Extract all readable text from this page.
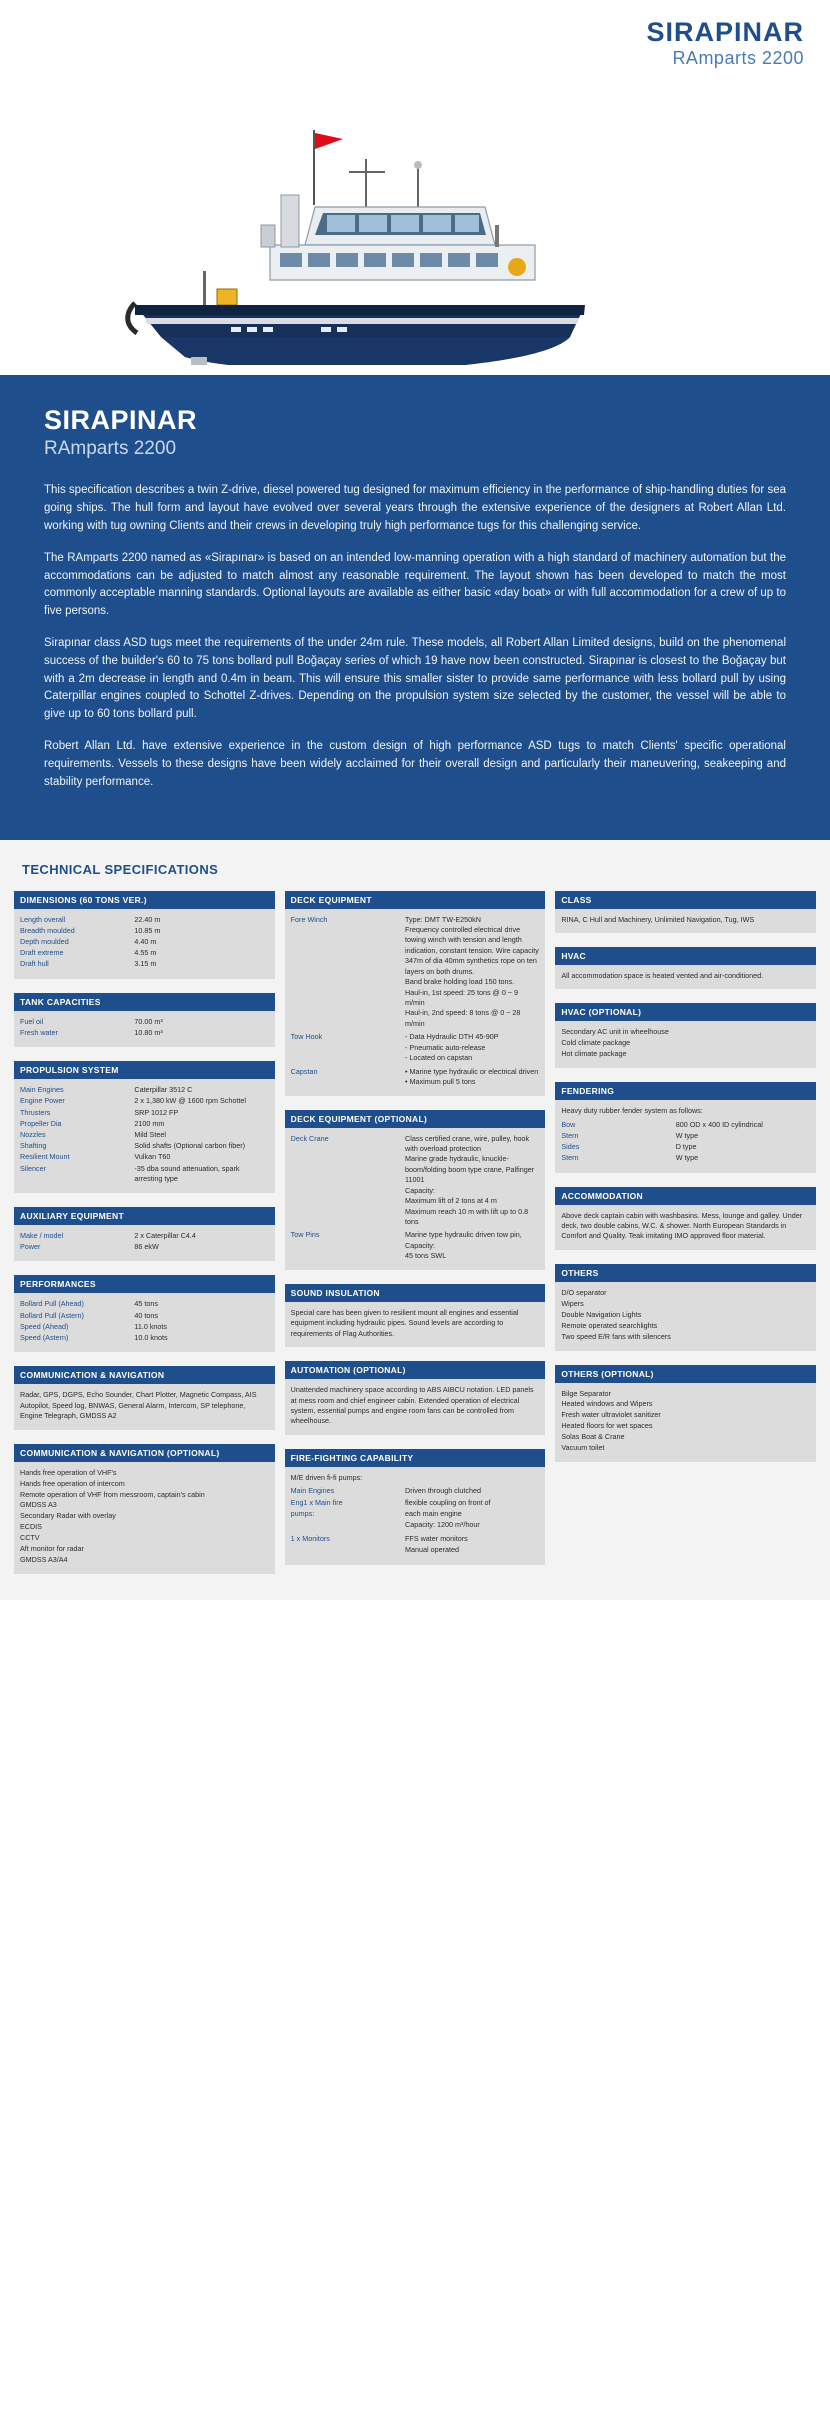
SIRAPINAR
RAmparts 2200
SIRAPINAR
RAmparts 2200

This specification describes a twin Z-drive, diesel powered tug designed for maximum efficiency in the performance of ship-handling duties for sea going ships. The hull form and layout have evolved over several years through the extensive experience of the designers at Robert Allan Ltd. working with tug owning Clients and their crews in developing truly high performance tugs for this challenging service.

The RAmparts 2200 named as «Sirapınar» is based on an intended low-manning operation with a high standard of machinery automation but the accommodations can be adjusted to match almost any reasonable requirement. The layout shown has been developed to match the most commonly acceptable manning standards. Optional layouts are available as either basic «day boat» or with full accommodation for a crew of up to five persons.

Sirapınar class ASD tugs meet the requirements of the under 24m rule. These models, all Robert Allan Limited designs, build on the phenomenal success of the builder's 60 to 75 tons bollard pull Boğaçay series of which 19 have now been constructed. Sirapınar is closest to the Boğaçay but with a 2m decrease in length and 0.4m in beam. This will ensure this smaller sister to provide same performance with less bollard pull by using Caterpillar engines coupled to Schottel Z-drives. Depending on the propulsion system size selected by the customer, the vessel will be able to give up to 60 tons bollard pull.

Robert Allan Ltd. have extensive experience in the custom design of high performance ASD tugs to match Clients' specific operational requirements. Vessels to these designs have been widely acclaimed for their overall design and particularly their maneuvering, seakeeping and stability performance.

TECHNICAL SPECIFICATIONS
DIMENSIONS (60 TONS VER.)
Length overall	22.40 m
Breadth moulded	10.85 m
Depth moulded	4.40 m
Draft extreme	4.55 m
Draft hull	3.15 m
TANK CAPACITIES
Fuel oil	70.00 m³
Fresh water	10.80 m³
PROPULSION SYSTEM
Main Engines	Caterpillar 3512 C
Engine Power	2 x 1,380 kW @ 1600 rpm Schottel
Thrusters	SRP 1012 FP
Propeller Dia	2100 mm
Nozzles	Mild Steel
Shafting	Solid shafts (Optional carbon fiber)
Resilient Mount	Vulkan T60
Silencer	-35 dba sound attenuation, spark arresting type
AUXILIARY EQUIPMENT
Make / model	2 x Caterpillar C4.4
Power	86 ekW
PERFORMANCES
Bollard Pull (Ahead)	45 tons
Bollard Pull (Astern)	40 tons
Speed (Ahead)	11.0 knots
Speed (Astern)	10.0 knots
COMMUNICATION & NAVIGATION
Radar, GPS, DGPS, Echo Sounder, Chart Plotter, Magnetic Compass, AIS Autopilot, Speed log, BNWAS, General Alarm, Intercom, SP telephone, Engine Telegraph, GMDSS A2
COMMUNICATION & NAVIGATION (OPTIONAL)
Hands free operation of VHF's
Hands free operation of intercom
Remote operation of VHF from messroom, captain's cabin
GMDSS A3
Secondary Radar with overlay
ECDIS
CCTV
Aft monitor for radar
GMDSS A3/A4
DECK EQUIPMENT
Fore Winch	Type: DMT TW-E250kN
Frequency controlled electrical drive towing winch with tension and length indication, constant tension. Wire capacity 347m of dia 40mm synthetics rope on ten layers on both drums.
Band brake holding load 150 tons.
Haul-in, 1st speed: 25 tons @ 0 ~ 9 m/min
Haul-in, 2nd speed: 8 tons @ 0 ~ 28 m/min
Tow Hook	- Data Hydraulic DTH 45-90P
- Pneumatic auto-release
- Located on capstan
Capstan	• Marine type hydraulic or electrical driven
• Maximum pull 5 tons
DECK EQUIPMENT (OPTIONAL)
Deck Crane	Class certified crane, wire, pulley, hook with overload protection
Marine grade hydraulic, knuckle-boom/folding boom type crane, Palfinger 11001
Capacity:
Maximum lift of 2 tons at 4 m
Maximum reach 10 m with lift up to 0.8 tons
Tow Pins	Marine type hydraulic driven tow pin,
Capacity:
45 tons SWL
SOUND INSULATION
Special care has been given to resilient mount all engines and essential equipment including hydraulic pipes. Sound levels are according to requirements of Flag Authorities.
AUTOMATION (OPTIONAL)
Unattended machinery space according to ABS AIBCU notation. LED panels at mess room and chief engineer cabin. Extended operation of electrical system, essential pumps and engine room fans can be controlled from wheelhouse.
FIRE-FIGHTING CAPABILITY
M/E driven fi-fi pumps:
Main Engines	Driven through clutched
Eng1 x Main fire	flexible coupling on front of
pumps:	each main engine
	Capacity: 1200 m³/hour
1 x Monitors	FFS water monitors
	Manual operated
CLASS
RINA, C Hull and Machinery, Unlimited Navigation, Tug, IWS
HVAC
All accommodation space is heated vented and air-conditioned.
HVAC (OPTIONAL)
Secondary AC unit in wheelhouse
Cold climate package
Hot climate package
FENDERING
Heavy duty rubber fender system as follows:
Bow	800 OD x 400 ID cylindrical
Stern	W type
Sides	D type
Stern	W type
ACCOMMODATION
Above deck captain cabin with washbasins. Mess, lounge and galley. Under deck, two double cabins, W.C. & shower. North European Standards in Comfort and Quality. Teak imitating IMO approved floor material.
OTHERS
D/O separator
Wipers
Double Navigation Lights
Remote operated searchlights
Two speed E/R fans with silencers
OTHERS (OPTIONAL)
Bilge Separator
Heated windows and Wipers
Fresh water ultraviolet sanitizer
Heated floors for wet spaces
Solas Boat & Crane
Vacuum toilet
